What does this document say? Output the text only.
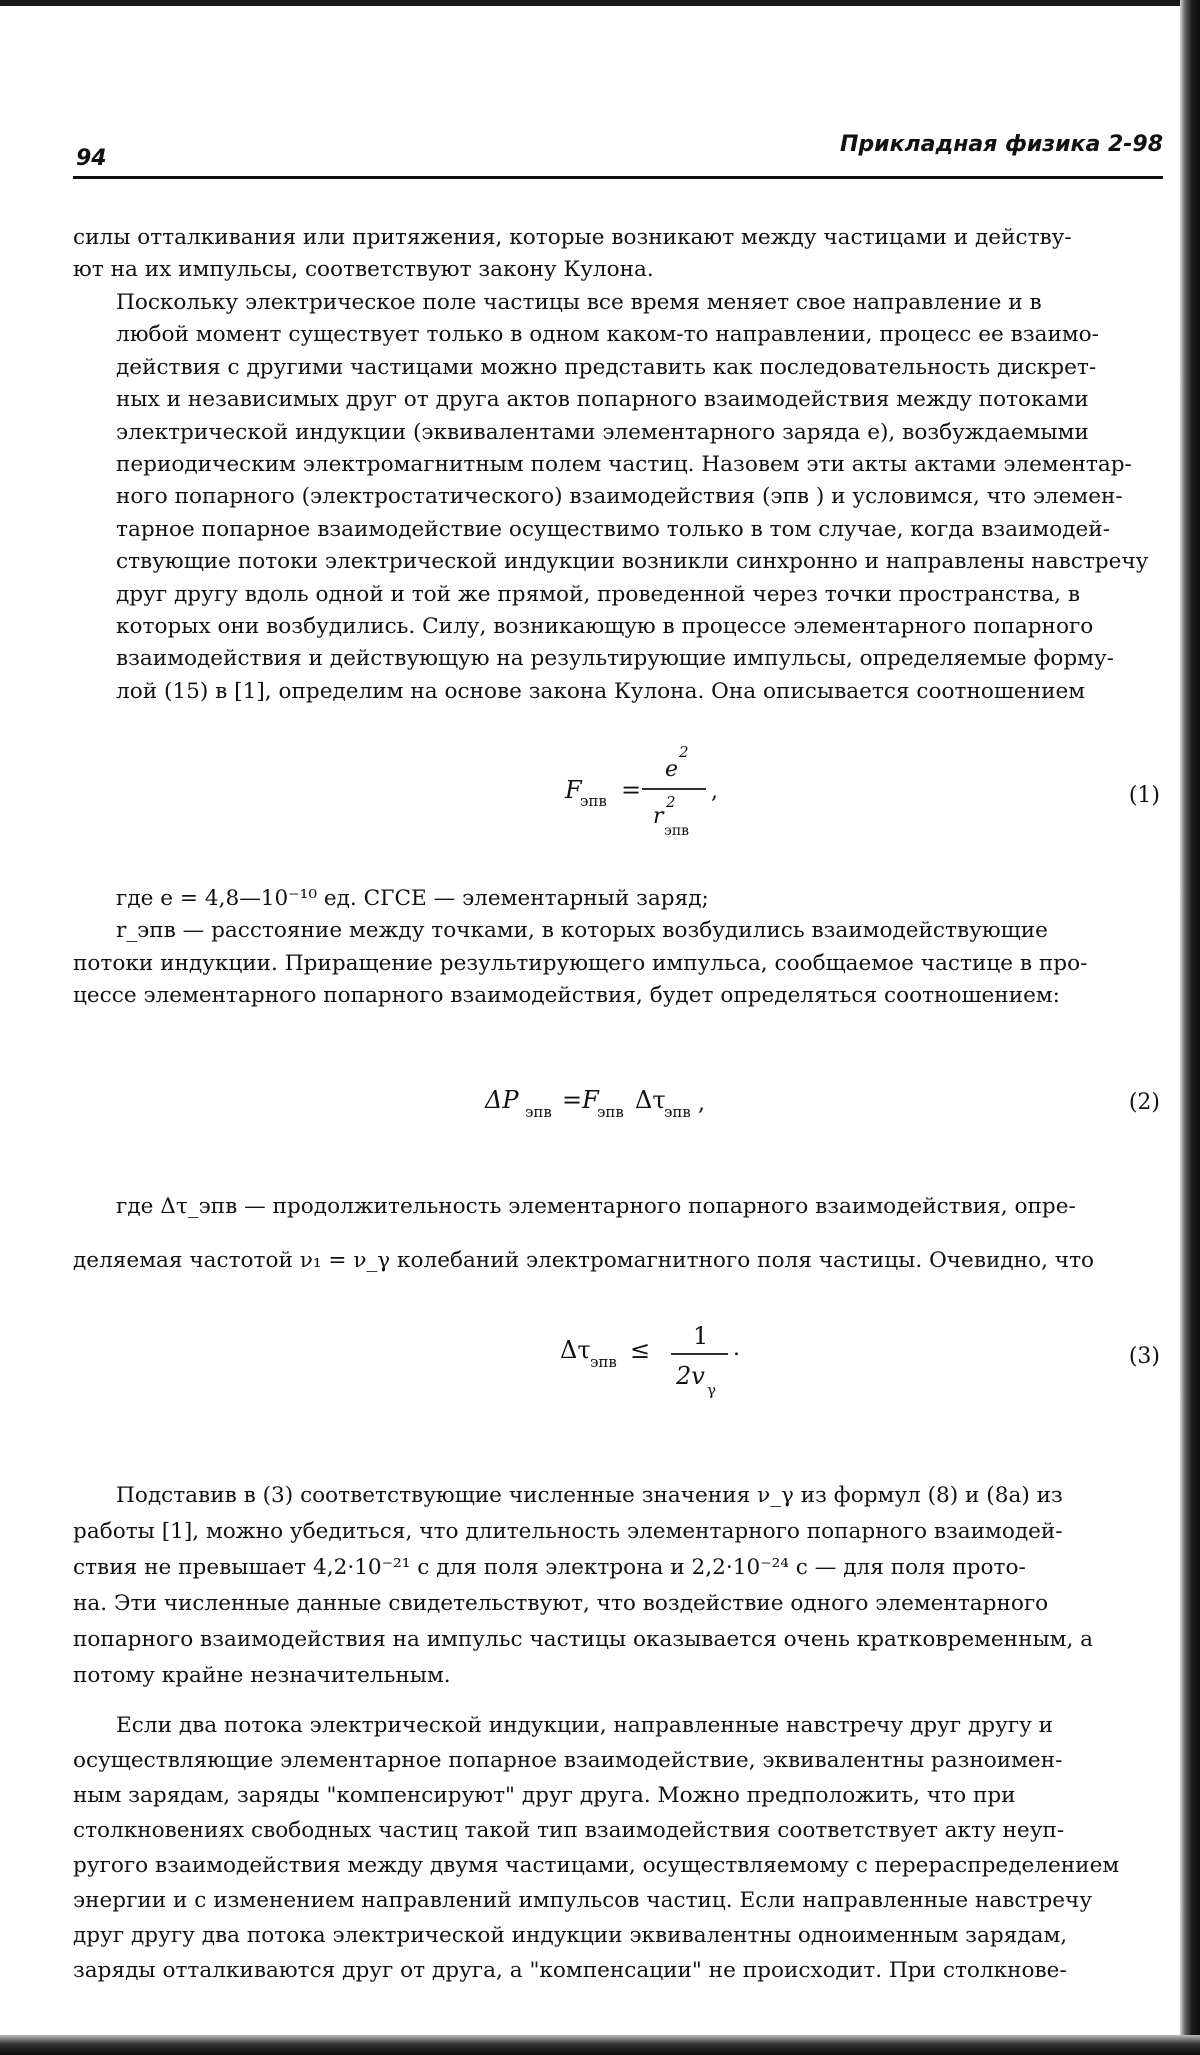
94
Прикладная физика 2-98

силы отталкивания или притяжения, которые возникают между частицами и действу-
ют на их импульсы, соответствуют закону Кулона.

Поскольку электрическое поле частицы все время меняет свое направление и в
любой момент существует только в одном каком-то направлении, процесс ее взаимо-
действия с другими частицами можно представить как последовательность дискрет-
ных и независимых друг от друга актов попарного взаимодействия между потоками
электрической индукции (эквивалентами элементарного заряда e), возбуждаемыми
периодическим электромагнитным полем частиц. Назовем эти акты актами элементар-
ного попарного (электростатического) взаимодействия (эпв ) и условимся, что элемен-
тарное попарное взаимодействие осуществимо только в том случае, когда взаимодей-
ствующие потоки электрической индукции возникли синхронно и направлены навстречу
друг другу вдоль одной и той же прямой, проведенной через точки пространства, в
которых они возбудились. Силу, возникающую в процессе элементарного попарного
взаимодействия и действующую на результирующие импульсы, определяемые форму-
лой (15) в [1], определим на основе закона Кулона. Она описывается соотношением

F
эпв =
2
e
2
r
эпв
,	(1)

где e = 4,8—10⁻¹⁰ ед. СГСЕ — элементарный заряд;
r_эпв — расстояние между точками, в которых возбудились взаимодействующие
потоки индукции. Приращение результирующего импульса, сообщаемое частице в про-
цессе элементарного попарного взаимодействия, будет определяться соотношением:

ΔP эпв =F
эпв Δτ
эпв ,	(2)

где Δτ_эпв — продолжительность элементарного попарного взаимодействия, опре-
деляемая частотой ν₁ = ν_γ колебаний электромагнитного поля частицы. Очевидно, что

Δτ эпв ≤ 1
2v γ
.	(3)

Подставив в (3) соответствующие численные значения ν_γ из формул (8) и (8а) из
работы [1], можно убедиться, что длительность элементарного попарного взаимодей-
ствия не превышает 4,2·10⁻²¹ с для поля электрона и 2,2·10⁻²⁴ с — для поля прото-
на. Эти численные данные свидетельствуют, что воздействие одного элементарного
попарного взаимодействия на импульс частицы оказывается очень кратковременным, а
потому крайне незначительным.

Если два потока электрической индукции, направленные навстречу друг другу и
осуществляющие элементарное попарное взаимодействие, эквивалентны разноимен-
ным зарядам, заряды "компенсируют" друг друга. Можно предположить, что при
столкновениях свободных частиц такой тип взаимодействия соответствует акту неуп-
ругого взаимодействия между двумя частицами, осуществляемому с перераспределением
энергии и с изменением направлений импульсов частиц. Если направленные навстречу
друг другу два потока электрической индукции эквивалентны одноименным зарядам,
заряды отталкиваются друг от друга, а "компенсации" не происходит. При столкнове-
